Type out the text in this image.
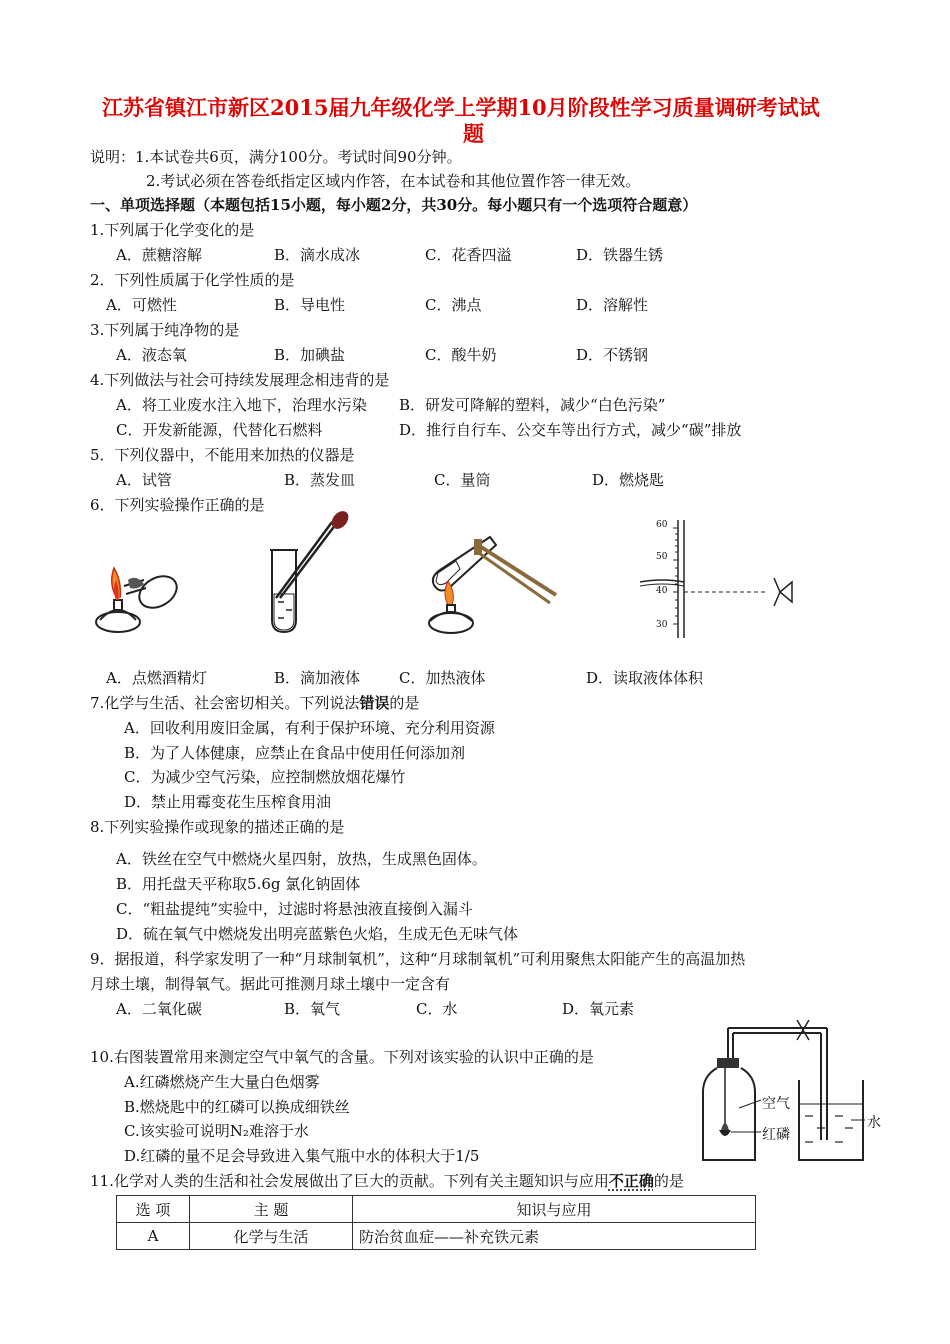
江苏省镇江市新区2015届九年级化学上学期10月阶段性学习质量调研考试试
题
说明：1.本试卷共6页，满分100分。考试时间90分钟。
2.考试必须在答卷纸指定区域内作答，在本试卷和其他位置作答一律无效。
一、单项选择题（本题包括15小题，每小题2分，共30分。每小题只有一个选项符合题意）
1.下列属于化学变化的是
A．蔗糖溶解	B．滴水成冰	C．花香四溢	D．铁器生锈
2．下列性质属于化学性质的是
A．可燃性	B．导电性	C．沸点	D．溶解性
3.下列属于纯净物的是
A．液态氧	B．加碘盐	C．酸牛奶	D．不锈钢
4.下列做法与社会可持续发展理念相违背的是
A．将工业废水注入地下，治理水污染 B．研发可降解的塑料，减少“白色污染”
C．开发新能源，代替化石燃料	D．推行自行车、公交车等出行方式，减少“碳”排放
5．下列仪器中，不能用来加热的仪器是
A．试管	B．蒸发皿	C．量筒	D．燃烧匙
6．下列实验操作正确的是
60
50
40
30
A．点燃酒精灯	B．滴加液体	C．加热液体	D．读取液体体积
7.化学与生活、社会密切相关。下列说法错误的是
A．回收利用废旧金属，有利于保护环境、充分利用资源
B．为了人体健康，应禁止在食品中使用任何添加剂
C．为减少空气污染，应控制燃放烟花爆竹
D．禁止用霉变花生压榨食用油
8.下列实验操作或现象的描述正确的是
A．铁丝在空气中燃烧火星四射，放热，生成黑色固体。
B．用托盘天平称取5.6g 氯化钠固体
C．“粗盐提纯”实验中，过滤时将悬浊液直接倒入漏斗
D．硫在氧气中燃烧发出明亮蓝紫色火焰，生成无色无味气体
9．据报道，科学家发明了一种“月球制氧机”，这种“月球制氧机”可利用聚焦太阳能产生的高温加热
月球土壤，制得氧气。据此可推测月球土壤中一定含有
A．二氧化碳	B．氧气	C．水	D．氧元素
10.右图装置常用来测定空气中氧气的含量。下列对该实验的认识中正确的是
A.红磷燃烧产生大量白色烟雾
B.燃烧匙中的红磷可以换成细铁丝
C.该实验可说明N₂难溶于水
D.红磷的量不足会导致进入集气瓶中水的体积大于1/5
空气
红磷
水
11.化学对人类的生活和社会发展做出了巨大的贡献。下列有关主题知识与应用不正确的是
选 项	主 题	知识与应用
A	化学与生活	防治贫血症——补充铁元素
